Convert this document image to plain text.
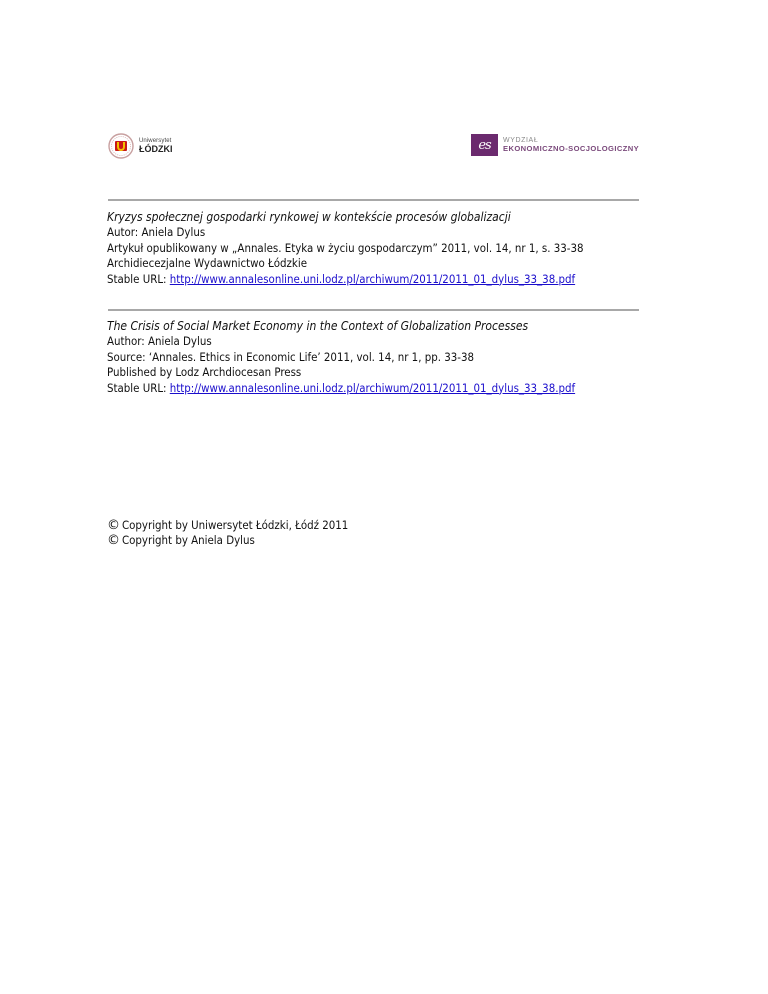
Uniwersytet
ŁÓDZKI	es	WYDZIAŁ
EKONOMICZNO-SOCJOLOGICZNY
Kryzys społecznej gospodarki rynkowej w kontekście procesów globalizacji
Autor: Aniela Dylus
Artykuł opublikowany w „Annales. Etyka w życiu gospodarczym” 2011, vol. 14, nr 1, s. 33-38
Archidiecezjalne Wydawnictwo Łódzkie
Stable URL: http://www.annalesonline.uni.lodz.pl/archiwum/2011/2011_01_dylus_33_38.pdf
The Crisis of Social Market Economy in the Context of Globalization Processes
Author: Aniela Dylus
Source: ‘Annales. Ethics in Economic Life’ 2011, vol. 14, nr 1, pp. 33-38
Published by Lodz Archdiocesan Press
Stable URL: http://www.annalesonline.uni.lodz.pl/archiwum/2011/2011_01_dylus_33_38.pdf
© Copyright by Uniwersytet Łódzki, Łódź 2011
© Copyright by Aniela Dylus
